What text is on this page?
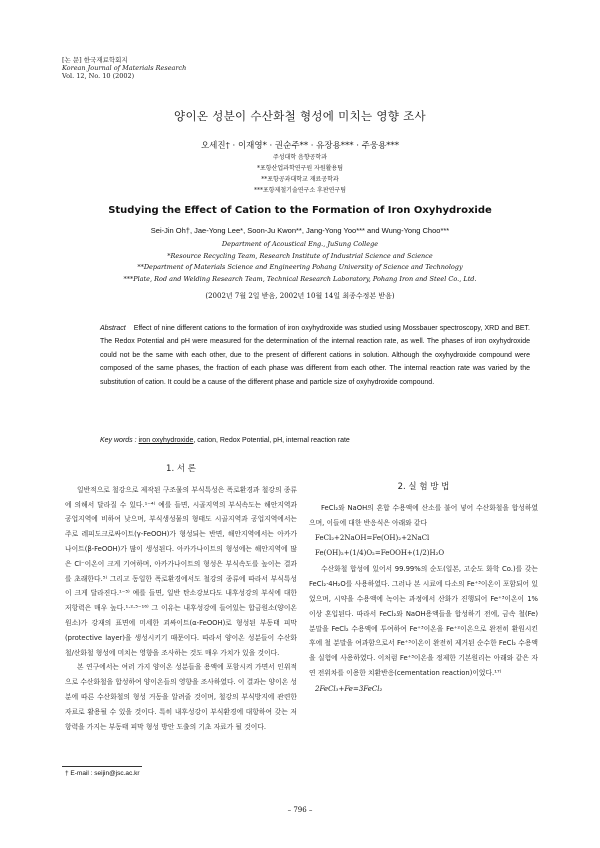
[논 문] 한국재료학회지
Korean Journal of Materials Research
Vol. 12, No. 10 (2002)
양이온 성분이 수산화철 형성에 미치는 영향 조사
오세진† · 이재영* · 권순주** · 유장용*** · 주웅용***
주성대학 음향공학과
*포항산업과학연구원 자원활용팀
**포항공과대학교 재료공학과
***포항제철기술연구소 후판연구팀
Studying the Effect of Cation to the Formation of Iron Oxyhydroxide
Sei-Jin Oh†, Jae-Yong Lee*, Soon-Ju Kwon**, Jang-Yong Yoo*** and Wung-Yong Choo***
Department of Acoustical Eng., JuSung College
*Resource Recycling Team, Research Institute of Industrial Science and Science
**Department of Materials Science and Engineering Pohang University of Science and Technology
***Plate, Rod and Welding Research Team, Technical Research Laboratory, Pohang Iron and Steel Co., Ltd.
(2002년 7월 2일 받음, 2002년 10월 14일 최종수정본 받음)
Abstract Effect of nine different cations to the formation of iron oxyhydroxide was studied using Mossbauer spectroscopy, XRD and BET. The Redox Potential and pH were measured for the determination of the internal reaction rate, as well. The phases of iron oxyhydroxide could not be the same with each other, due to the present of different cations in solution. Although the oxyhydroxide compound were composed of the same phases, the fraction of each phase was different from each other. The internal reaction rate was varied by the substitution of cation. It could be a cause of the different phase and particle size of oxyhydroxide compound.
Key words : iron oxyhydroxide, cation, Redox Potential, pH, internal reaction rate
1. 서 론

일반적으로 철강으로 제작된 구조물의 부식특성은 폭로환경과 철강의 종류에 의해서 달라질 수 있다.¹⁻⁴⁾ 예를 들면, 시골지역의 부식속도는 해안지역과 공업지역에 비하여 낮으며, 부식생성물의 형태도 시골지역과 공업지역에서는 주로 레피도크로싸이트(γ-FeOOH)가 형성되는 반면, 해안지역에서는 아카가나이트(β-FeOOH)가 많이 생성된다. 아카가나이트의 형성에는 해안지역에 많은 Cl⁻이온이 크게 기여하며, 아카가나이트의 형성은 부식속도를 높이는 결과를 초래한다.⁵⁾ 그리고 동일한 폭로환경에서도 철강의 종류에 따라서 부식특성이 크게 달라진다.¹⁻⁵⁾ 예를 들면, 일반 탄소강보다도 내후성강의 부식에 대한 저항력은 매우 높다.¹·²·⁵⁻¹⁶⁾ 그 이유는 내후성강에 들어있는 합금원소(양이온 원소)가 강재의 표면에 미세한 괴싸이트(α-FeOOH)로 형성된 부동태 피막(protective layer)을 생성시키기 때문이다. 따라서 양이온 성분들이 수산화철/산화철 형성에 미치는 영향을 조사하는 것도 매우 가치가 있을 것이다.

본 연구에서는 여러 가지 양이온 성분들을 용액에 포함시켜 가면서 인위적으로 수산화철을 합성하여 양이온들의 영향을 조사하였다. 이 결과는 양이온 성분에 따른 수산화철의 형성 거동을 알려줄 것이며, 철강의 부식방지에 관련한 자료로 활용될 수 있을 것이다. 특히 내후성강이 부식환경에 대항하여 갖는 저항력을 가지는 부동태 피막 형성 방안 도출의 기초 자료가 될 것이다.

2. 실 험 방 법

FeCl₂와 NaOH의 혼합 수용액에 산소를 불어 넣어 수산화철을 합성하였으며, 이들에 대한 반응식은 아래와 같다

FeCl₂+2NaOH=Fe(OH)₂+2NaCl
Fe(OH)₂+(1/4)O₂=FeOOH+(1/2)H₂O

수산화철 합성에 있어서 99.99%의 순도(일본, 고순도 화학 Co.)를 갖는 FeCl₂·4H₂O를 사용하였다. 그러나 본 시료에 다소의 Fe⁺³이온이 포함되어 있었으며, 시약을 수용액에 녹이는 과정에서 산화가 진행되어 Fe⁺³이온이 1% 이상 혼입된다. 따라서 FeCl₂와 NaOH용액들을 합성하기 전에, 금속 철(Fe) 분말을 FeCl₂ 수용액에 투여하여 Fe⁺³이온을 Fe⁺²이온으로 완전히 환원시킨 후에 철 분말을 여과함으로서 Fe⁺³이온이 완전히 제거된 순수한 FeCl₂ 수용액을 실험에 사용하였다. 이처럼 Fe⁺³이온을 정제한 기본원리는 아래와 같은 자연 전위차를 이용한 치환반응(cementation reaction)이었다.¹⁷⁾

2FeCl₃+Fe=3FeCl₂
† E-mail : seijin@jsc.ac.kr
– 796 –
